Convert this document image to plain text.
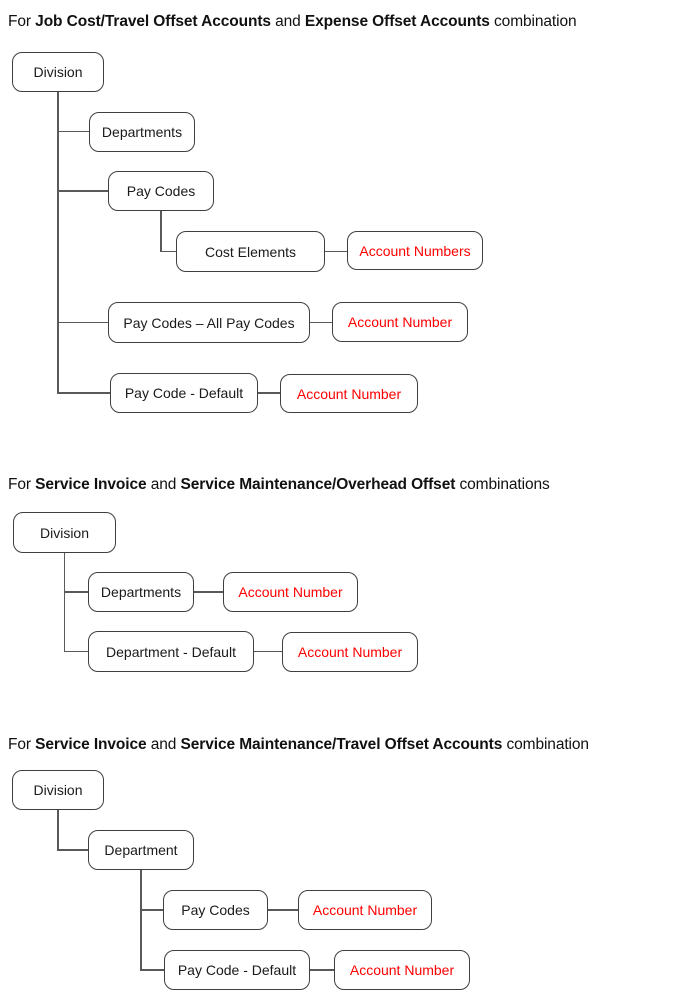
For Job Cost/Travel Offset Accounts and Expense Offset Accounts combination
Division
Departments
Pay Codes
Cost Elements	Account Numbers
Pay Codes – All Pay Codes	Account Number
Pay Code - Default	Account Number
For Service Invoice and Service Maintenance/Overhead Offset combinations
Division
Departments	Account Number
Department - Default	Account Number
For Service Invoice and Service Maintenance/Travel Offset Accounts combination
Division
Department
Pay Codes	Account Number
Pay Code - Default	Account Number
